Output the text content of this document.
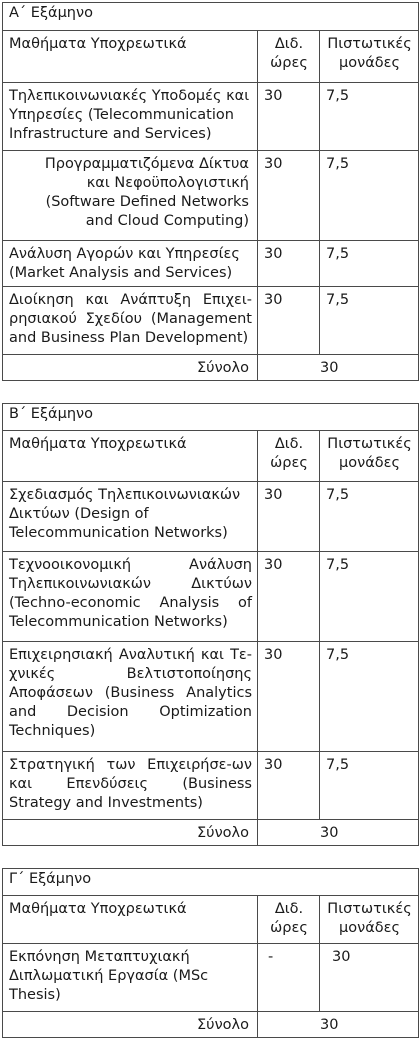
Α΄ Εξάμηνο		
Μαθήματα Υποχρεωτικά	Διδ. ώρες	Πιστωτικές μονάδες
Τηλεπικοινωνιακές Υποδομές και Υπηρεσίες (Telecommunication Infrastructure and Services)	30	7,5
Προγραμματιζόμενα Δίκτυα και Νεφοϋπολογιστική (Software Defined Networks and Cloud Computing)	30	7,5
Ανάλυση Αγορών και Υπηρεσίες (Market Analysis and Services)	30	7,5
Διοίκηση και Ανάπτυξη Επιχει-ρησιακού Σχεδίου (Management and Business Plan Development)	30	7,5
Σύνολο	30	
Β΄ Εξάμηνο		
Μαθήματα Υποχρεωτικά	Διδ. ώρες	Πιστωτικές μονάδες
Σχεδιασμός Τηλεπικοινωνιακών Δικτύων (Design of Telecommunication Networks)	30	7,5
Τεχνοοικονομική Ανάλυση Τηλεπικοινωνιακών Δικτύων (Techno-economic Analysis of Telecommunication Networks)	30	7,5
Επιχειρησιακή Αναλυτική και Τε-χνικές Βελτιστοποίησης Αποφάσεων (Business Analytics and Decision Optimization Techniques)	30	7,5
Στρατηγική των Επιχειρήσε-ων και Επενδύσεις (Business Strategy and Investments)	30	7,5
Σύνολο	30	
Γ΄ Εξάμηνο		
Μαθήματα Υποχρεωτικά	Διδ. ώρες	Πιστωτικές μονάδες
Εκπόνηση Μεταπτυχιακή Διπλωματική Εργασία (MSc Thesis)	-	30
Σύνολο	30	
